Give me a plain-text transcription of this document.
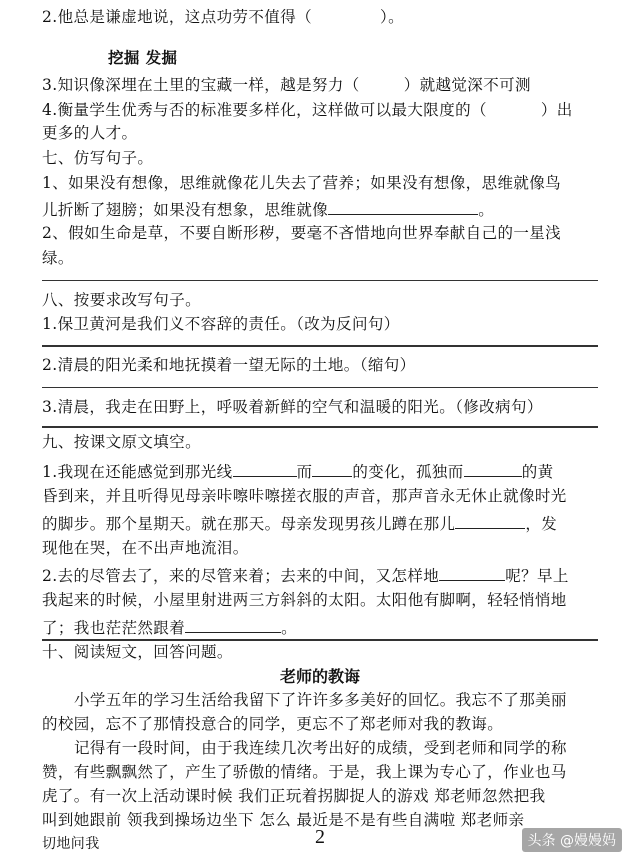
2.他总是谦虚地说，这点功劳不值得（	）。
挖掘 发掘
3.知识像深埋在土里的宝藏一样，越是努力（	）就越觉深不可测
4.衡量学生优秀与否的标准要多样化，这样做可以最大限度的（	）出
更多的人才。
七、仿写句子。
1、如果没有想像，思维就像花儿失去了营养；如果没有想像，思维就像鸟
儿折断了翅膀；如果没有想象，思维就像	。
2、假如生命是草，不要自断形秽，要毫不吝惜地向世界奉献自己的一星浅
绿。
八、按要求改写句子。
1.保卫黄河是我们义不容辞的责任。（改为反问句）
2.清晨的阳光柔和地抚摸着一望无际的土地。（缩句）
3.清晨，我走在田野上，呼吸着新鲜的空气和温暖的阳光。（修改病句）
九、按课文原文填空。
1.我现在还能感觉到那光线	而	的变化，孤独而	的黄
昏到来，并且听得见母亲咔嚓咔嚓搓衣服的声音，那声音永无休止就像时光
的脚步。那个星期天。就在那天。母亲发现男孩儿蹲在那儿	，发
现他在哭，在不出声地流泪。
2.去的尽管去了，来的尽管来着；去来的中间，又怎样地	呢？早上
我起来的时候，小屋里射进两三方斜斜的太阳。太阳他有脚啊，轻轻悄悄地
了；我也茫茫然跟着	。
十、阅读短文，回答问题。
老师的教诲
小学五年的学习生活给我留下了许许多多美好的回忆。我忘不了那美丽
的校园，忘不了那情投意合的同学，更忘不了郑老师对我的教诲。
记得有一段时间，由于我连续几次考出好的成绩，受到老师和同学的称
赞，有些飘飘然了，产生了骄傲的情绪。于是，我上课为专心了，作业也马
虎了。有一次上活动课时候 我们正玩着拐脚捉人的游戏 郑老师忽然把我
叫到她跟前 领我到操场边坐下 怎么 最近是不是有些自满啦 郑老师亲
切地问我	2	头条 @嫚嫚妈
